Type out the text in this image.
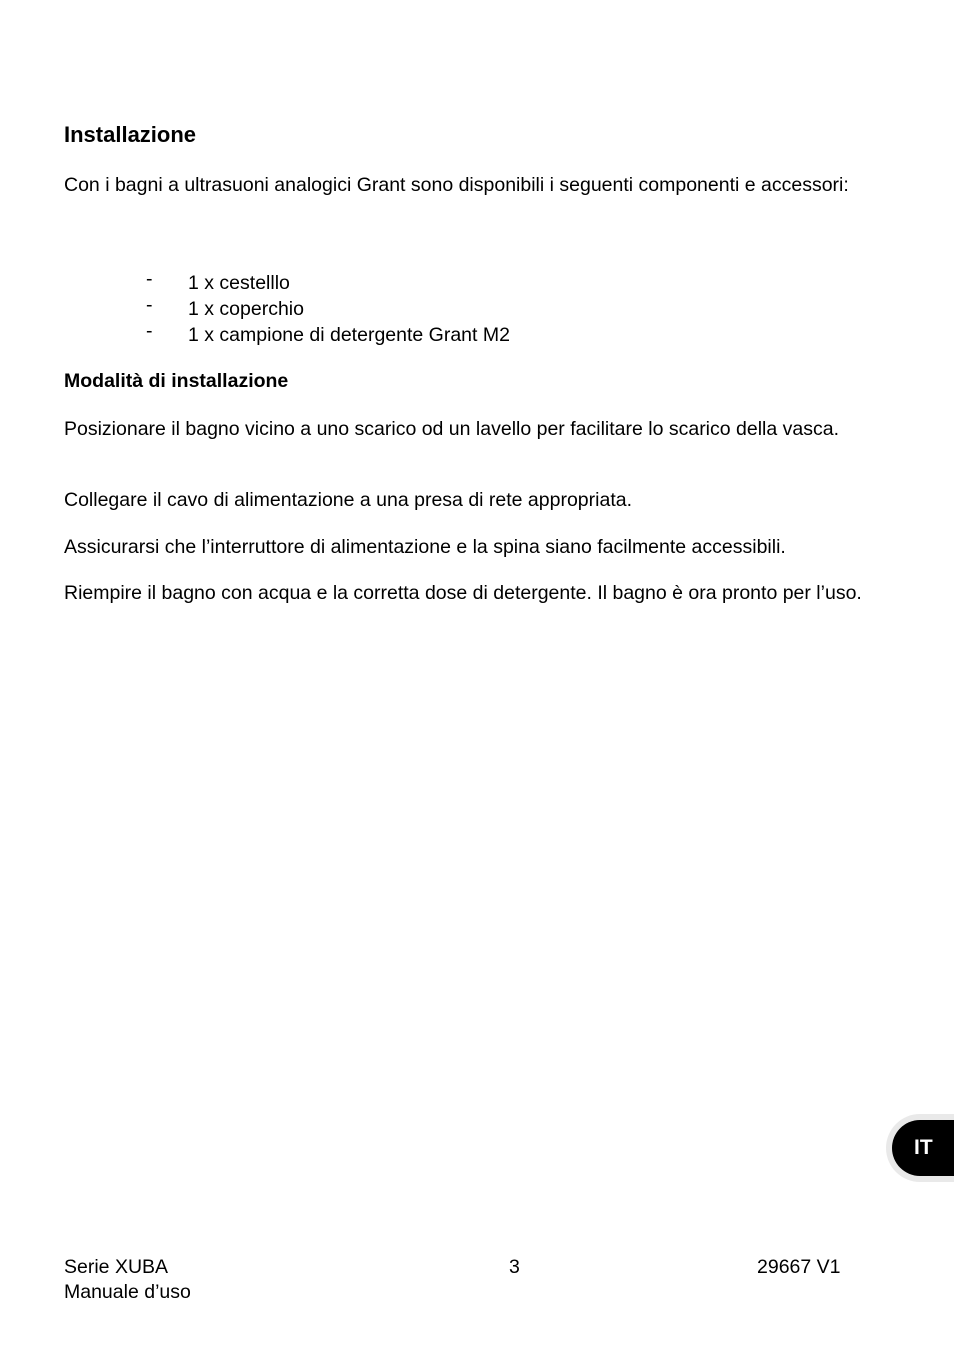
Installazione

Con i bagni a ultrasuoni analogici Grant sono disponibili i seguenti componenti e accessori:

- 1 x cestelllo
- 1 x coperchio
- 1 x campione di detergente Grant M2
Modalità di installazione

Posizionare il bagno vicino a uno scarico od un lavello per facilitare lo scarico della vasca.

Collegare il cavo di alimentazione a una presa di rete appropriata.

Assicurarsi che l’interruttore di alimentazione e la spina siano facilmente accessibili.

Riempire il bagno con acqua e la corretta dose di detergente. Il bagno è ora pronto per l’uso.

IT

Serie XUBA

Manuale d’uso

3	29667 V1
